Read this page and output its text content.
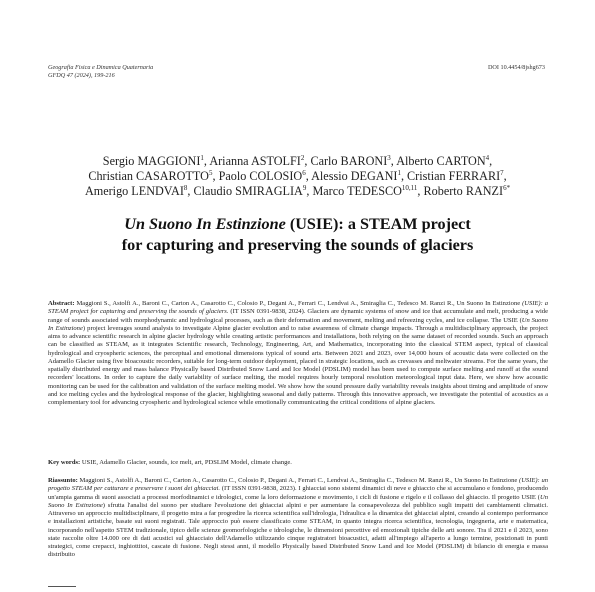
Geografia Fisica e Dinamica Quaternaria
GFDQ 47 (2024), 199-216
DOI 10.4454/8jshg673
Sergio MAGGIONI$^1$, Arianna ASTOLFI$^2$, Carlo BARONI$^3$, Alberto CARTON$^4$,
Christian CASAROTTO$^5$, Paolo COLOSIO$^6$, Alessio DEGANI$^1$, Cristian FERRARI$^7$,
Amerigo LENDVAI$^8$, Claudio SMIRAGLIA$^9$, Marco TEDESCO$^{10,11}$, Roberto $RANZI^{6*}$
Un Suono In Estinzione (USIE): a STEAM project
for capturing and preserving the sounds of glaciers
Abstract: Maggioni S., Astolfi A., Baroni C., Carton A., Casarotto C., Colosio P., Degani A., Ferrari C., Lendvai A., Smiraglia C., Tedesco M. Ranzi R., Un Suono In Estinzione (USIE): a STEAM project for capturing and preserving the sounds of glaciers. (IT ISSN 0391-9838, 2024). Glaciers are dynamic systems of snow and ice that accumulate and melt, producing a wide range of sounds associated with morphodynamic and hydrological processes, such as their deformation and movement, melting and refreezing cycles, and ice collapse. The USIE (Un Suono In Estinzione) project leverages sound analysis to investigate Alpine glacier evolution and to raise awareness of climate change impacts. Through a multidisciplinary approach, the project aims to advance scientific research in alpine glacier hydrology while creating artistic performances and installations, both relying on the same dataset of recorded sounds. Such an approach can be classified as STEAM, as it integrates Scientific research, Technology, Engineering, Art, and Mathematics, incorporating into the classical STEM aspect, typical of classical hydrological and cryospheric sciences, the perceptual and emotional dimensions typical of sound arts. Between 2021 and 2023, over 14,000 hours of acoustic data were collected on the Adamello Glacier using five bioacoustic recorders, suitable for long-term outdoor deployment, placed in strategic locations, such as crevasses and meltwater streams. For the same years, the spatially distributed energy and mass balance Physically based Distributed Snow Land and Ice Model (PDSLIM) model has been used to compute surface melting and runoff at the sound recorders' locations. In order to capture the daily variability of surface melting, the model requires hourly temporal resolution meteorological input data. Here, we show how acoustic monitoring can be used for the calibration and validation of the surface melting model. We show how the sound pressure daily variability reveals insights about timing and amplitude of snow and ice melting cycles and the hydrological response of the glacier, highlighting seasonal and daily patterns. Through this innovative approach, we investigate the potential of acoustics as a complementary tool for advancing cryospheric and hydrological science while emotionally communicating the critical conditions of alpine glaciers.
Key words: USIE, Adamello Glacier, sounds, ice melt, art, PDSLIM Model, climate change.
Riassunto: Maggioni S., Astolfi A., Baroni C., Carton A., Casarotto C., Colosio P., Degani A., Ferrari C., Lendvai A., Smiraglia C., Tedesco M. Ranzi R., Un Suono In Estinzione (USIE): un progetto STEAM per catturare e preservare i suoni dei ghiacciai. (IT ISSN 0391-9838, 2023). I ghiacciai sono sistemi dinamici di neve e ghiaccio che si accumulano e fondono, producendo un'ampia gamma di suoni associati a processi morfodinamici e idrologici, come la loro deformazione e movimento, i cicli di fusione e rigelo e il collasso del ghiaccio. Il progetto USIE (Un Suono In Estinzione) sfrutta l'analisi del suono per studiare l'evoluzione dei ghiacciai alpini e per aumentare la consapevolezza del pubblico sugli impatti dei cambiamenti climatici. Attraverso un approccio multidisciplinare, il progetto mira a far progredire la ricerca scientifica sull'idrologia, l'idraulica e la dinamica dei ghiacciai alpini, creando al contempo performance e installazioni artistiche, basate sui suoni registrati. Tale approccio può essere classificato come STEAM, in quanto integra ricerca scientifica, tecnologia, ingegneria, arte e matematica, incorporando nell'aspetto STEM tradizionale, tipico delle scienze geomorfologiche e idrologiche, le dimensioni percettive ed emozionali tipiche delle arti sonore. Tra il 2021 e il 2023, sono state raccolte oltre 14.000 ore di dati acustici sul ghiacciaio dell'Adamello utilizzando cinque registratori bioacustici, adatti all'impiego all'aperto a lungo termine, posizionati in punti strategici, come crepacci, inghiottitoi, cascate di fusione. Negli stessi anni, il modello Physically based Distributed Snow Land and Ice Model (PDSLIM) di bilancio di energia e massa distribuito
